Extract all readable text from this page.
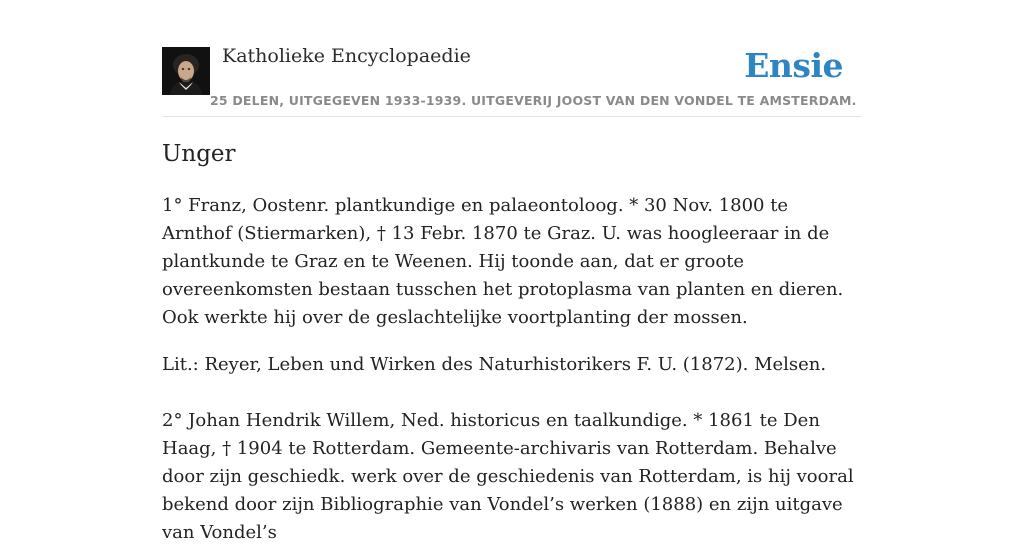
Katholieke Encyclopaedie	Ensie
25 DELEN, UITGEGEVEN 1933-1939. UITGEVERIJ JOOST VAN DEN VONDEL TE AMSTERDAM.
Unger

1° Franz, Oostenr. plantkundige en palaeontoloog. * 30 Nov. 1800 te Arnthof (Stiermarken), † 13 Febr. 1870 te Graz. U. was hoogleeraar in de plantkunde te Graz en te Weenen. Hij toonde aan, dat er groote overeenkomsten bestaan tusschen het protoplasma van planten en dieren. Ook werkte hij over de geslachtelijke voortplanting der mossen.

Lit.: Reyer, Leben und Wirken des Naturhistorikers F. U. (1872). Melsen.

2° Johan Hendrik Willem, Ned. historicus en taalkundige. * 1861 te Den Haag, † 1904 te Rotterdam. Gemeente-archivaris van Rotterdam. Behalve door zijn geschiedk. werk over de geschiedenis van Rotterdam, is hij vooral bekend door zijn Bibliographie van Vondel’s werken (1888) en zijn uitgave van Vondel’s
